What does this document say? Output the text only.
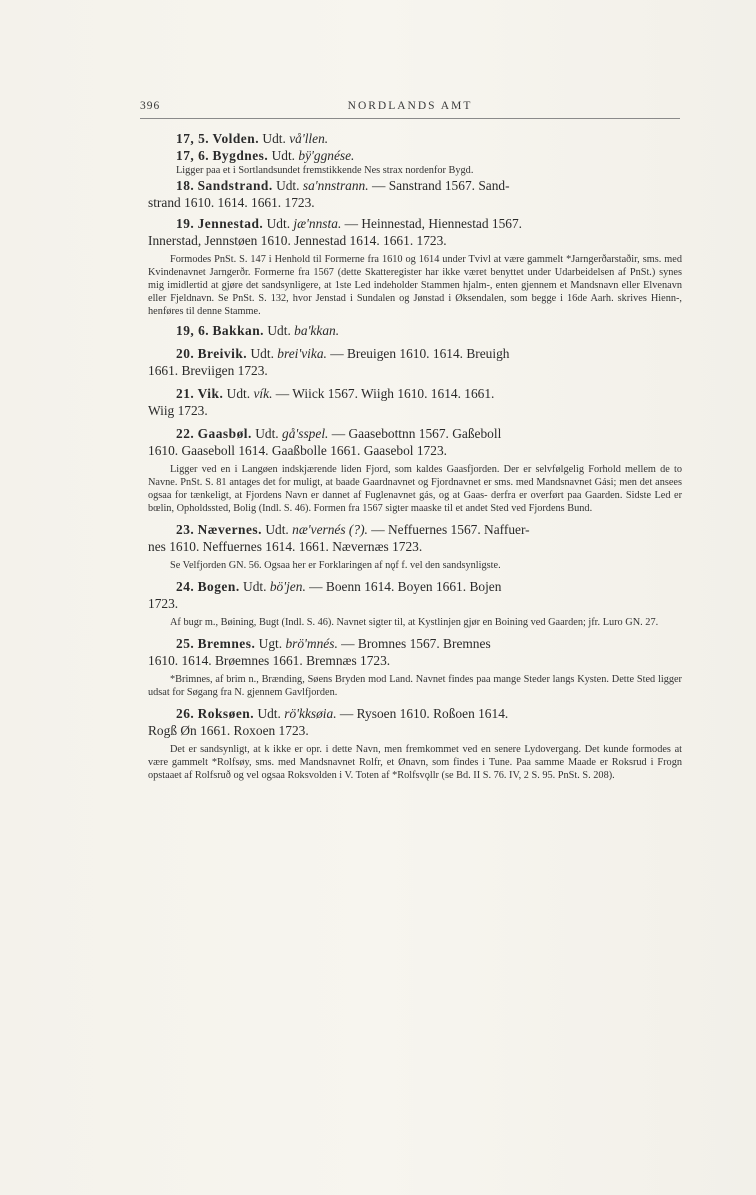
396	NORDLANDS AMT

17, 5. Volden. Udt. vå'llen.

17, 6. Bygdnes. Udt. bÿ'ggnése.

Ligger paa et i Sortlandsundet fremstikkende Nes strax nordenfor Bygd.

18. Sandstrand. Udt. sa'nnstrann. — Sanstrand 1567. Sand-

strand 1610. 1614. 1661. 1723.

19. Jennestad. Udt. jæ'nnsta. — Heinnestad, Hiennestad 1567.

Innerstad, Jennstøen 1610. Jennestad 1614. 1661. 1723.

Formodes PnSt. S. 147 i Henhold til Formerne fra 1610 og 1614 under Tvivl at være gammelt *Jarngerðarstaðir, sms. med Kvindenavnet Jarngerðr. Formerne fra 1567 (dette Skatteregister har ikke været benyttet under Udarbeidelsen af PnSt.) synes mig imidlertid at gjøre det sandsynligere, at 1ste Led indeholder Stammen hjalm-, enten gjennem et Mandsnavn eller Elvenavn eller Fjeldnavn. Se PnSt. S. 132, hvor Jenstad i Sundalen og Jønstad i Øksendalen, som begge i 16de Aarh. skrives Hienn-, henføres til denne Stamme.

19, 6. Bakkan. Udt. ba'kkan.

20. Breivik. Udt. brei'vika. — Breuigen 1610. 1614. Breuigh

1661. Breviigen 1723.

21. Vik. Udt. vík. — Wiick 1567. Wiigh 1610. 1614. 1661.

Wiig 1723.

22. Gaasbøl. Udt. gå'sspel. — Gaasebottnn 1567. Gaßeboll

1610. Gaaseboll 1614. Gaaßbolle 1661. Gaasebol 1723.

Ligger ved en i Langøen indskjærende liden Fjord, som kaldes Gaasfjorden. Der er selvfølgelig Forhold mellem de to Navne. PnSt. S. 81 antages det for muligt, at baade Gaardnavnet og Fjordnavnet er sms. med Mandsnavnet Gási; men det ansees ogsaa for tænkeligt, at Fjordens Navn er dannet af Fuglenavnet gás, og at Gaas- derfra er overført paa Gaarden. Sidste Led er bœlin, Opholdssted, Bolig (Indl. S. 46). Formen fra 1567 sigter maaske til et andet Sted ved Fjordens Bund.

23. Nævernes. Udt. næ'vernés (?). — Neffuernes 1567. Naffuer-

nes 1610. Neffuernes 1614. 1661. Nævernæs 1723.

Se Velfjorden GN. 56. Ogsaa her er Forklaringen af nǫf f. vel den sandsynligste.

24. Bogen. Udt. bö'jen. — Boenn 1614. Boyen 1661. Bojen

1723.

Af bugr m., Bøining, Bugt (Indl. S. 46). Navnet sigter til, at Kystlinjen gjør en Boining ved Gaarden; jfr. Luro GN. 27.

25. Bremnes. Ugt. brö'mnés. — Bromnes 1567. Bremnes

1610. 1614. Brøemnes 1661. Bremnæs 1723.

*Brimnes, af brim n., Brænding, Søens Bryden mod Land. Navnet findes paa mange Steder langs Kysten. Dette Sted ligger udsat for Søgang fra N. gjennem Gavlfjorden.

26. Roksøen. Udt. rö'kksøia. — Rysoen 1610. Roßoen 1614.

Rogß Øn 1661. Roxoen 1723.

Det er sandsynligt, at k ikke er opr. i dette Navn, men fremkommet ved en senere Lydovergang. Det kunde formodes at være gammelt *Rolfsøy, sms. med Mandsnavnet Rolfr, et Ønavn, som findes i Tune. Paa samme Maade er Roksrud i Frogn opstaaet af Rolfsruð og vel ogsaa Roksvolden i V. Toten af *Rolfsvǫllr (se Bd. II S. 76. IV, 2 S. 95. PnSt. S. 208).
